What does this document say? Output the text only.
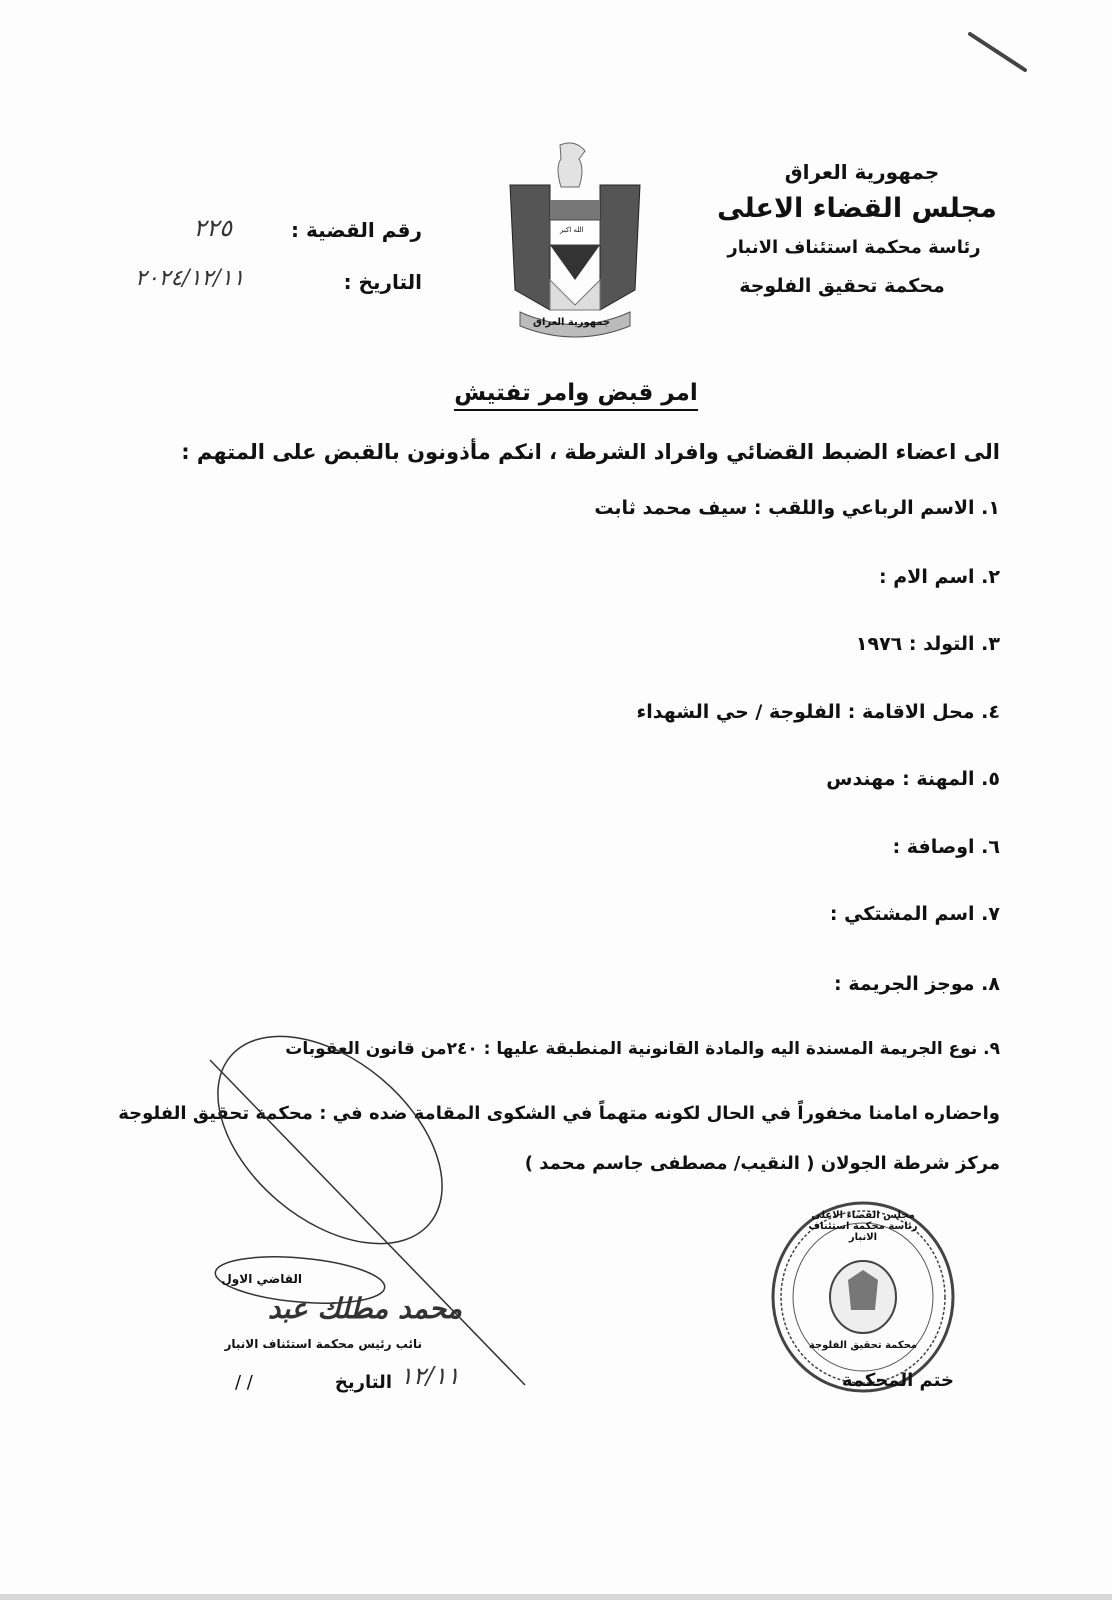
جمهورية العراق
مجلس القضاء الاعلى
رئاسة محكمة استئناف الانبار
محكمة تحقيق الفلوجة
الله اكبر
جمهورية العراق
رقم القضية :
٢٢٥
التاريخ :
٢٠٢٤/١٢/١١
امر قبض وامر تفتيش
الى اعضاء الضبط القضائي وافراد الشرطة ، انكم مأذونون بالقبض على المتهم :
١. الاسم الرباعي واللقب : سيف محمد ثابت
٢. اسم الام :
٣. التولد : ١٩٧٦
٤. محل الاقامة : الفلوجة / حي الشهداء
٥. المهنة : مهندس
٦. اوصافة :
٧. اسم المشتكي :
٨. موجز الجريمة :
٩. نوع الجريمة المسندة اليه والمادة القانونية المنطبقة عليها : ٢٤٠من قانون العقوبات
واحضاره امامنا مخفوراً في الحال لكونه متهماً في الشكوى المقامة ضده في : محكمة تحقيق الفلوجة
مركز شرطة الجولان ( النقيب/ مصطفى جاسم محمد )
القاضي الاول
محمد مطلك عبد
نائب رئيس محكمة استئناف الانبار
التاريخ
/ /	١٢/١١
مجلس القضاء الاعلى رئاسة محكمة استئناف الانبار
محكمة تحقيق الفلوجة
ختم المحكمة
